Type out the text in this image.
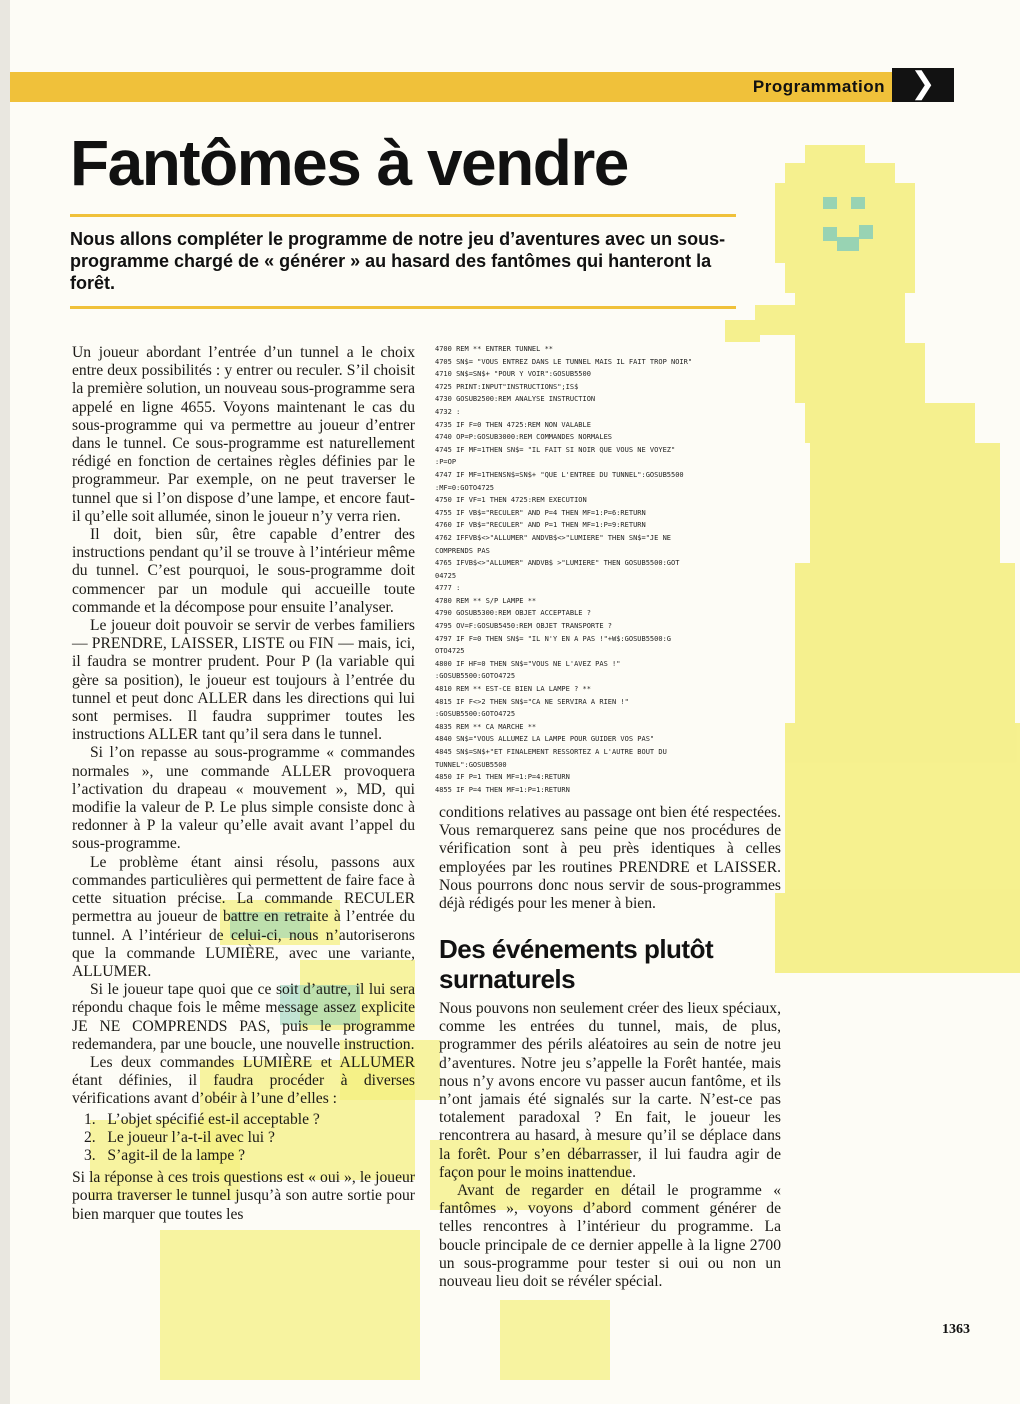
Programmation ❯
Fantômes à vendre

Nous allons compléter le programme de notre jeu d’aventures avec un sous-programme chargé de « générer » au hasard des fantômes qui hanteront la forêt.

Un joueur abordant l’entrée d’un tunnel a le choix entre deux possibilités : y entrer ou reculer. S’il choisit la première solution, un nouveau sous-programme sera appelé en ligne 4655. Voyons maintenant le cas du sous-programme qui va permettre au joueur d’entrer dans le tunnel. Ce sous-programme est naturellement rédigé en fonction de certaines règles définies par le programmeur. Par exemple, on ne peut traverser le tunnel que si l’on dispose d’une lampe, et encore faut-il qu’elle soit allumée, sinon le joueur n’y verra rien.

Il doit, bien sûr, être capable d’entrer des instructions pendant qu’il se trouve à l’intérieur même du tunnel. C’est pourquoi, le sous-programme doit commencer par un module qui accueille toute commande et la décompose pour ensuite l’analyser.

Le joueur doit pouvoir se servir de verbes familiers — PRENDRE, LAISSER, LISTE ou FIN — mais, ici, il faudra se montrer prudent. Pour P (la variable qui gère sa position), le joueur est toujours à l’entrée du tunnel et peut donc ALLER dans les directions qui lui sont permises. Il faudra supprimer toutes les instructions ALLER tant qu’il sera dans le tunnel.

Si l’on repasse au sous-programme « commandes normales », une commande ALLER provoquera l’activation du drapeau « mouvement », MD, qui modifie la valeur de P. Le plus simple consiste donc à redonner à P la valeur qu’elle avait avant l’appel du sous-programme.

Le problème étant ainsi résolu, passons aux commandes particulières qui permettent de faire face à cette situation précise. La commande RECULER permettra au joueur de battre en retraite à l’entrée du tunnel. A l’intérieur de celui-ci, nous n’autoriserons que la commande LUMIÈRE, avec une variante, ALLUMER.

Si le joueur tape quoi que ce soit d’autre, il lui sera répondu chaque fois le même message assez explicite JE NE COMPRENDS PAS, puis le programme redemandera, par une boucle, une nouvelle instruction.

Les deux commandes LUMIÈRE et ALLUMER étant définies, il faudra procéder à diverses vérifications avant d’obéir à l’une d’elles :

1. L’objet spécifié est-il acceptable ?
2. Le joueur l’a-t-il avec lui ?
3. S’agit-il de la lampe ?

Si la réponse à ces trois questions est « oui », le joueur pourra traverser le tunnel jusqu’à son autre sortie pour bien marquer que toutes les

4700 REM ** ENTRER TUNNEL **
4705 SN$= "VOUS ENTREZ DANS LE TUNNEL MAIS IL FAIT TROP NOIR"
4710 SN$=SN$+ "POUR Y VOIR":GOSUB5500
4725 PRINT:INPUT"INSTRUCTIONS";IS$
4730 GOSUB2500:REM ANALYSE INSTRUCTION
4732 :
4735 IF F=0 THEN 4725:REM NON VALABLE
4740 OP=P:GOSUB3000:REM COMMANDES NORMALES
4745 IF MF=1THEN SN$= "IL FAIT SI NOIR QUE VOUS NE VOYEZ"
:P=OP
4747 IF MF=1THENSN$=SN$+ "QUE L'ENTREE DU TUNNEL":GOSUB5500
:MF=0:GOTO4725
4750 IF VF=1 THEN 4725:REM EXECUTION
4755 IF VB$="RECULER" AND P=4 THEN MF=1:P=6:RETURN
4760 IF VB$="RECULER" AND P=1 THEN MF=1:P=9:RETURN
4762 IFFVB$<>"ALLUMER" ANDVB$<>"LUMIERE" THEN SN$="JE NE
COMPRENDS PAS
4765 IFVB$<>"ALLUMER" ANDVB$ >"LUMIERE" THEN GOSUB5500:GOT
04725
4777 :
4780 REM ** S/P LAMPE **
4790 GOSUB5300:REM OBJET ACCEPTABLE ?
4795 OV=F:GOSUB5450:REM OBJET TRANSPORTE ?
4797 IF F=0 THEN SN$= "IL N'Y EN A PAS !"+W$:GOSUB5500:G
OTO4725
4800 IF HF=0 THEN SN$="VOUS NE L'AVEZ PAS !"
:GOSUB5500:GOTO4725
4810 REM ** EST-CE BIEN LA LAMPE ? **
4815 IF F<>2 THEN SN$="CA NE SERVIRA A RIEN !"
:GOSUB5500:GOTO4725
4835 REM ** CA MARCHE **
4840 SN$="VOUS ALLUMEZ LA LAMPE POUR GUIDER VOS PAS"
4845 SN$=SN$+"ET FINALEMENT RESSORTEZ A L'AUTRE BOUT DU
TUNNEL":GOSUB5500
4850 IF P=1 THEN MF=1:P=4:RETURN
4855 IF P=4 THEN MF=1:P=1:RETURN

conditions relatives au passage ont bien été respectées. Vous remarquerez sans peine que nos procédures de vérification sont à peu près identiques à celles employées par les routines PRENDRE et LAISSER. Nous pourrons donc nous servir de sous-programmes déjà rédigés pour les mener à bien.

Des événements plutôt surnaturels

Nous pouvons non seulement créer des lieux spéciaux, comme les entrées du tunnel, mais, de plus, programmer des périls aléatoires au sein de notre jeu d’aventures. Notre jeu s’appelle la Forêt hantée, mais nous n’y avons encore vu passer aucun fantôme, et ils n’ont jamais été signalés sur la carte. N’est-ce pas totalement paradoxal ? En fait, le joueur les rencontrera au hasard, à mesure qu’il se déplace dans la forêt. Pour s’en débarrasser, il lui faudra agir de façon pour le moins inattendue.

Avant de regarder en détail le programme « fantômes », voyons d’abord comment générer de telles rencontres à l’intérieur du programme. La boucle principale de ce dernier appelle à la ligne 2700 un sous-programme pour tester si oui ou non un nouveau lieu doit se révéler spécial.

1363
